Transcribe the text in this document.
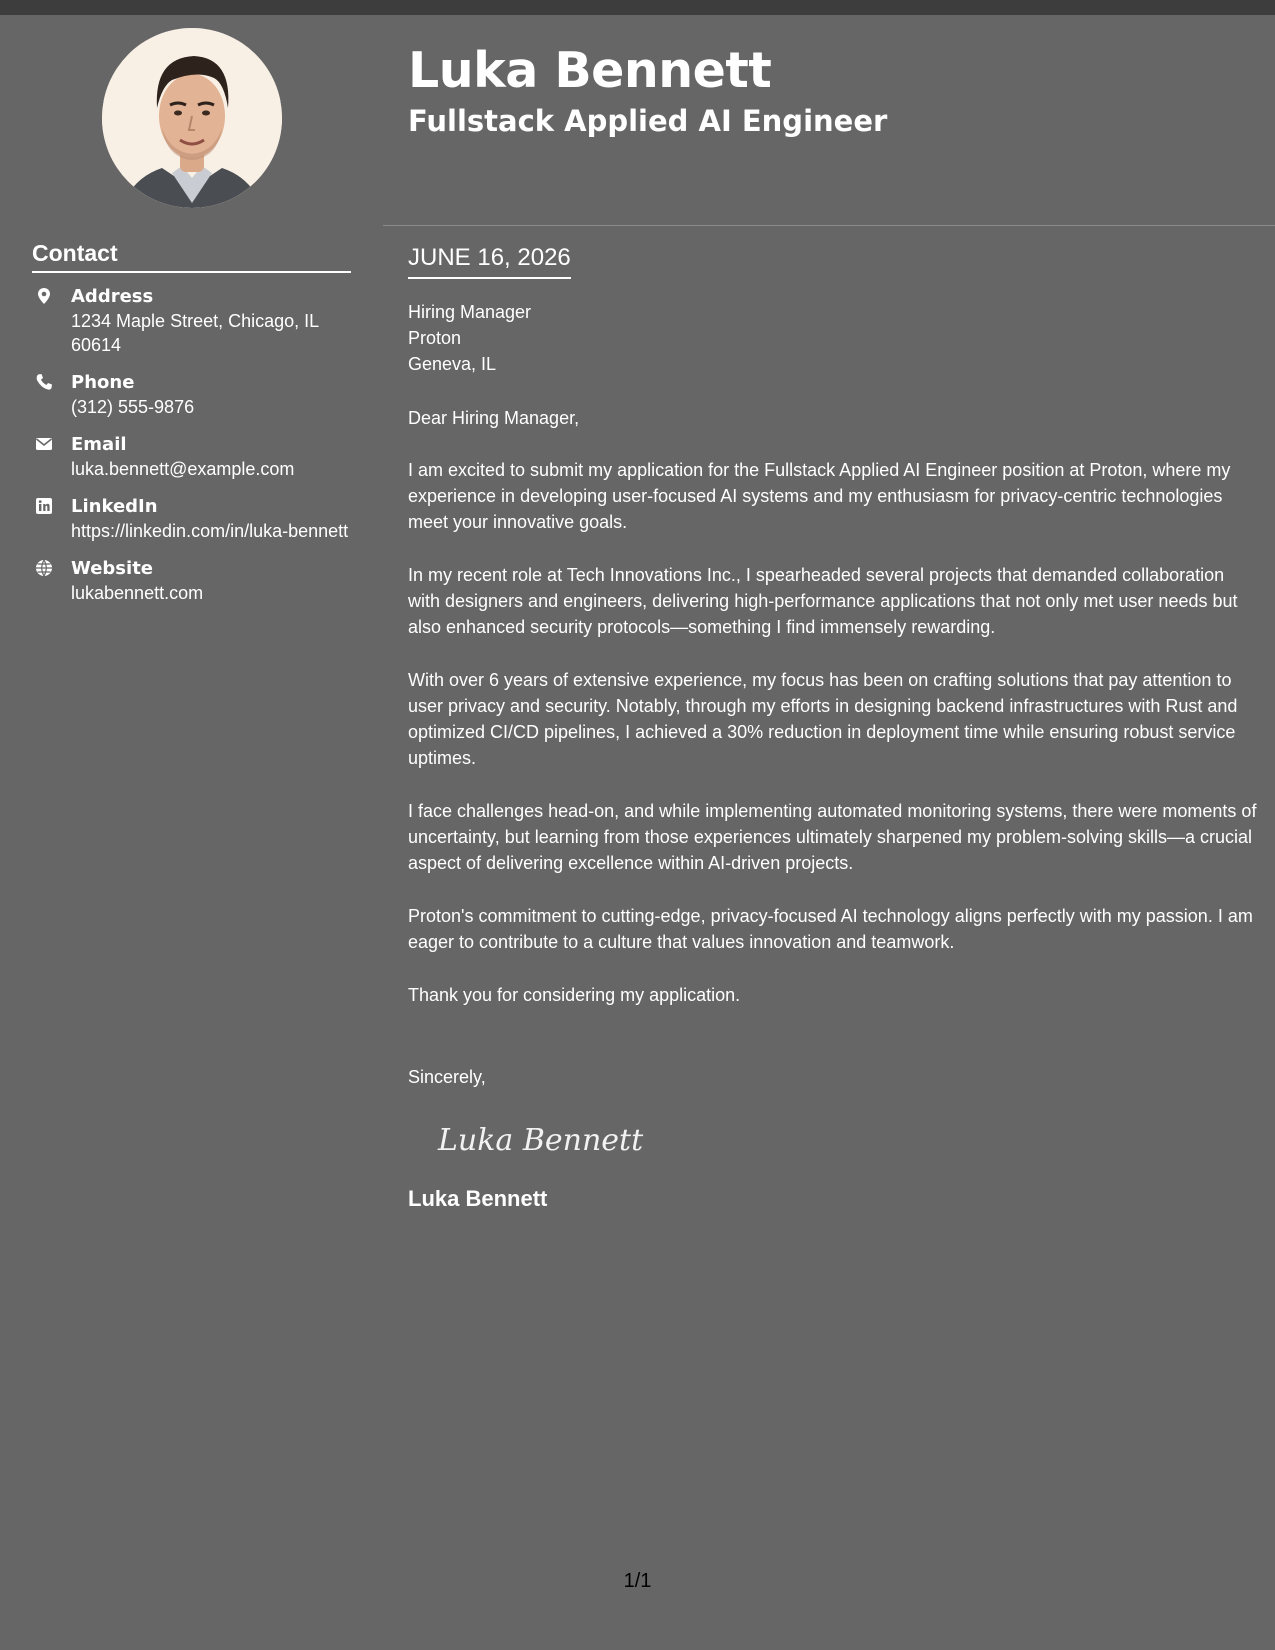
Luka Bennett
Fullstack Applied AI Engineer
Contact
Address
1234 Maple Street, Chicago, IL 60614
Phone
(312) 555-9876
Email
luka.bennett@example.com
LinkedIn
https://linkedin.com/in/luka-bennett
Website
lukabennett.com
JUNE 16, 2026
Hiring Manager
Proton
Geneva, IL
Dear Hiring Manager,

I am excited to submit my application for the Fullstack Applied AI Engineer position at Proton, where my experience in developing user-focused AI systems and my enthusiasm for privacy-centric technologies meet your innovative goals.

In my recent role at Tech Innovations Inc., I spearheaded several projects that demanded collaboration with designers and engineers, delivering high-performance applications that not only met user needs but also enhanced security protocols—something I find immensely rewarding.

With over 6 years of extensive experience, my focus has been on crafting solutions that pay attention to user privacy and security. Notably, through my efforts in designing backend infrastructures with Rust and optimized CI/CD pipelines, I achieved a 30% reduction in deployment time while ensuring robust service uptimes.

I face challenges head-on, and while implementing automated monitoring systems, there were moments of uncertainty, but learning from those experiences ultimately sharpened my problem-solving skills—a crucial aspect of delivering excellence within AI-driven projects.

Proton's commitment to cutting-edge, privacy-focused AI technology aligns perfectly with my passion. I am eager to contribute to a culture that values innovation and teamwork.

Thank you for considering my application.

Sincerely,
Luka Bennett
Luka Bennett
1/1
